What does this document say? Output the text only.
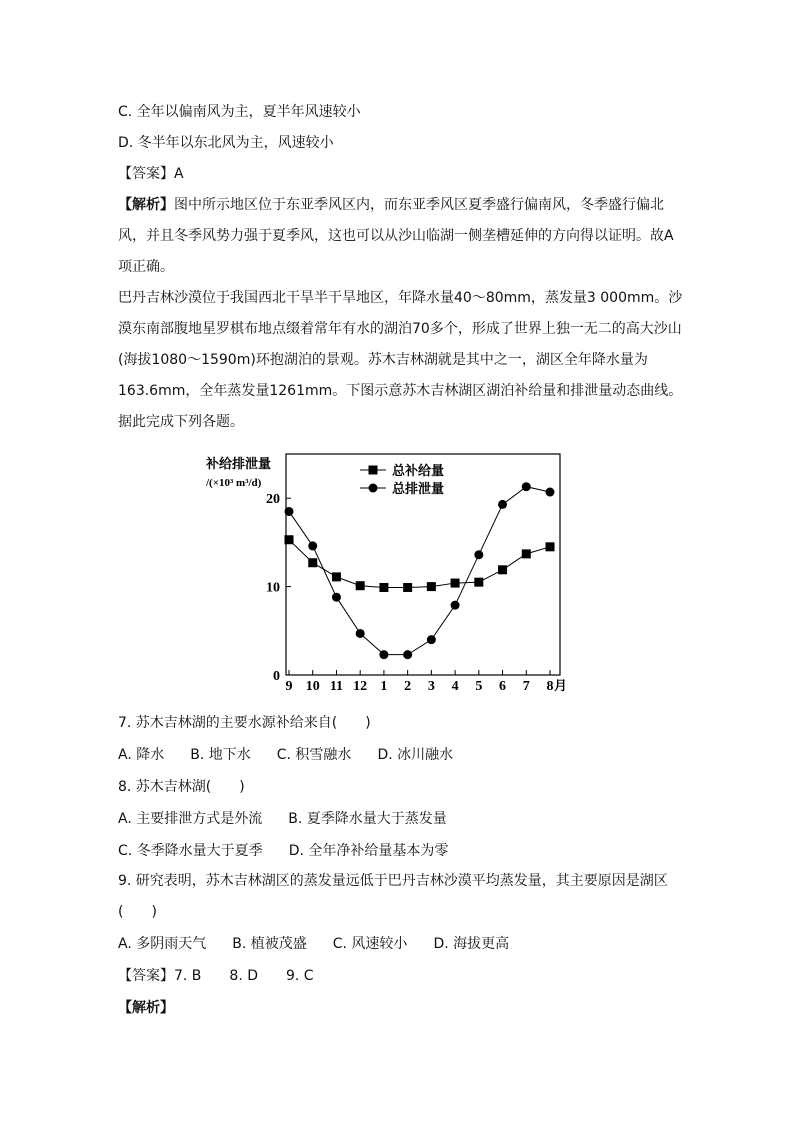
C. 全年以偏南风为主，夏半年风速较小
D. 冬半年以东北风为主，风速较小
【答案】A
【解析】图中所示地区位于东亚季风区内，而东亚季风区夏季盛行偏南风，冬季盛行偏北风，并且冬季风势力强于夏季风，这也可以从沙山临湖一侧垄槽延伸的方向得以证明。故A项正确。
巴丹吉林沙漠位于我国西北干旱半干旱地区，年降水量40～80mm，蒸发量3 000mm。沙漠东南部腹地星罗棋布地点缀着常年有水的湖泊70多个，形成了世界上独一无二的高大沙山(海拔1080～1590m)环抱湖泊的景观。苏木吉林湖就是其中之一，湖区全年降水量为163.6mm，全年蒸发量1261mm。下图示意苏木吉林湖区湖泊补给量和排泄量动态曲线。据此完成下列各题。
补给排泄量
/(×10³ m³/d)
0
10
20
9 10 11 12 1 2 3 4 5 6 7 8
总补给量
总排泄量
月
7. 苏木吉林湖的主要水源补给来自(　　)
A. 降水 B. 地下水 C. 积雪融水 D. 冰川融水
8. 苏木吉林湖(　　)
A. 主要排泄方式是外流 B. 夏季降水量大于蒸发量
C. 冬季降水量大于夏季 D. 全年净补给量基本为零
9. 研究表明，苏木吉林湖区的蒸发量远低于巴丹吉林沙漠平均蒸发量，其主要原因是湖区(　　)
A. 多阴雨天气 B. 植被茂盛 C. 风速较小 D. 海拔更高
【答案】7. B　　8. D　　9. C
【解析】
